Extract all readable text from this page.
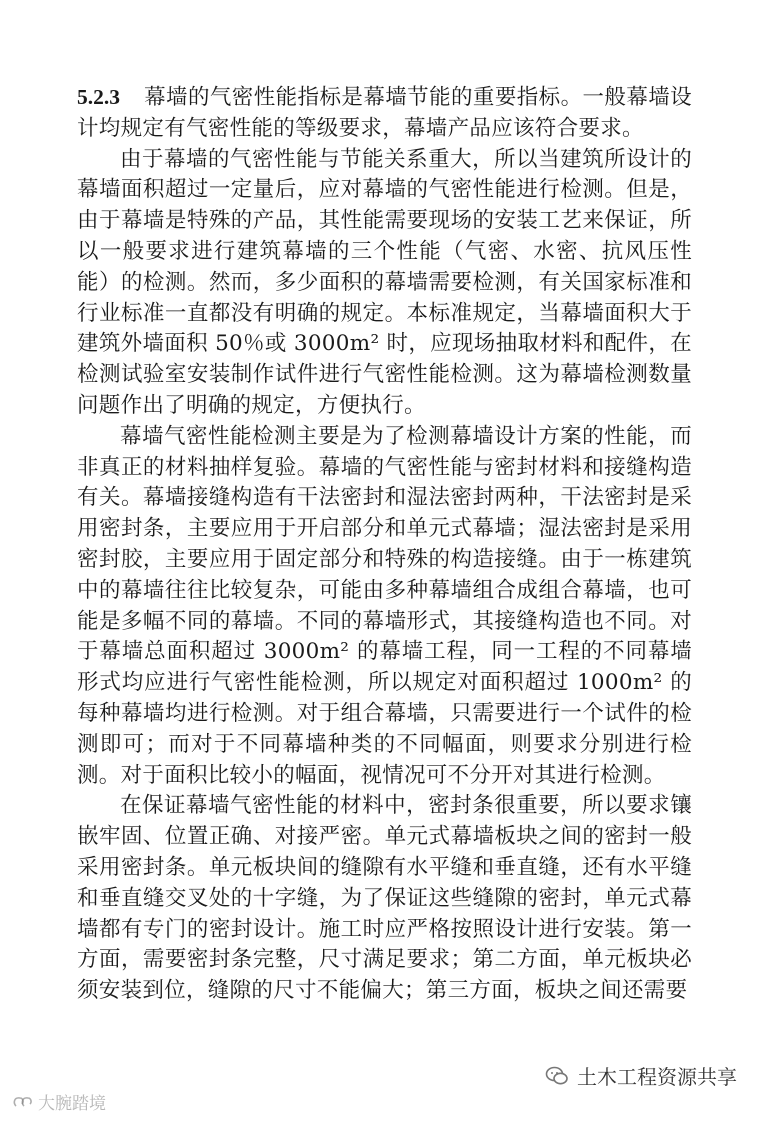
5.2.3 幕墙的气密性能指标是幕墙节能的重要指标。一般幕墙设计均规定有气密性能的等级要求，幕墙产品应该符合要求。

由于幕墙的气密性能与节能关系重大，所以当建筑所设计的幕墙面积超过一定量后，应对幕墙的气密性能进行检测。但是，由于幕墙是特殊的产品，其性能需要现场的安装工艺来保证，所以一般要求进行建筑幕墙的三个性能（气密、水密、抗风压性能）的检测。然而，多少面积的幕墙需要检测，有关国家标准和行业标准一直都没有明确的规定。本标准规定，当幕墙面积大于建筑外墙面积 50％或 3000m² 时，应现场抽取材料和配件，在检测试验室安装制作试件进行气密性能检测。这为幕墙检测数量问题作出了明确的规定，方便执行。

幕墙气密性能检测主要是为了检测幕墙设计方案的性能，而非真正的材料抽样复验。幕墙的气密性能与密封材料和接缝构造有关。幕墙接缝构造有干法密封和湿法密封两种，干法密封是采用密封条，主要应用于开启部分和单元式幕墙；湿法密封是采用密封胶，主要应用于固定部分和特殊的构造接缝。由于一栋建筑中的幕墙往往比较复杂，可能由多种幕墙组合成组合幕墙，也可能是多幅不同的幕墙。不同的幕墙形式，其接缝构造也不同。对于幕墙总面积超过 3000m² 的幕墙工程，同一工程的不同幕墙形式均应进行气密性能检测，所以规定对面积超过 1000m² 的每种幕墙均进行检测。对于组合幕墙，只需要进行一个试件的检测即可；而对于不同幕墙种类的不同幅面，则要求分别进行检测。对于面积比较小的幅面，视情况可不分开对其进行检测。

在保证幕墙气密性能的材料中，密封条很重要，所以要求镶嵌牢固、位置正确、对接严密。单元式幕墙板块之间的密封一般采用密封条。单元板块间的缝隙有水平缝和垂直缝，还有水平缝和垂直缝交叉处的十字缝，为了保证这些缝隙的密封，单元式幕墙都有专门的密封设计。施工时应严格按照设计进行安装。第一方面，需要密封条完整，尺寸满足要求；第二方面，单元板块必须安装到位，缝隙的尺寸不能偏大；第三方面，板块之间还需要

土木工程资源共享
大腕踏境
